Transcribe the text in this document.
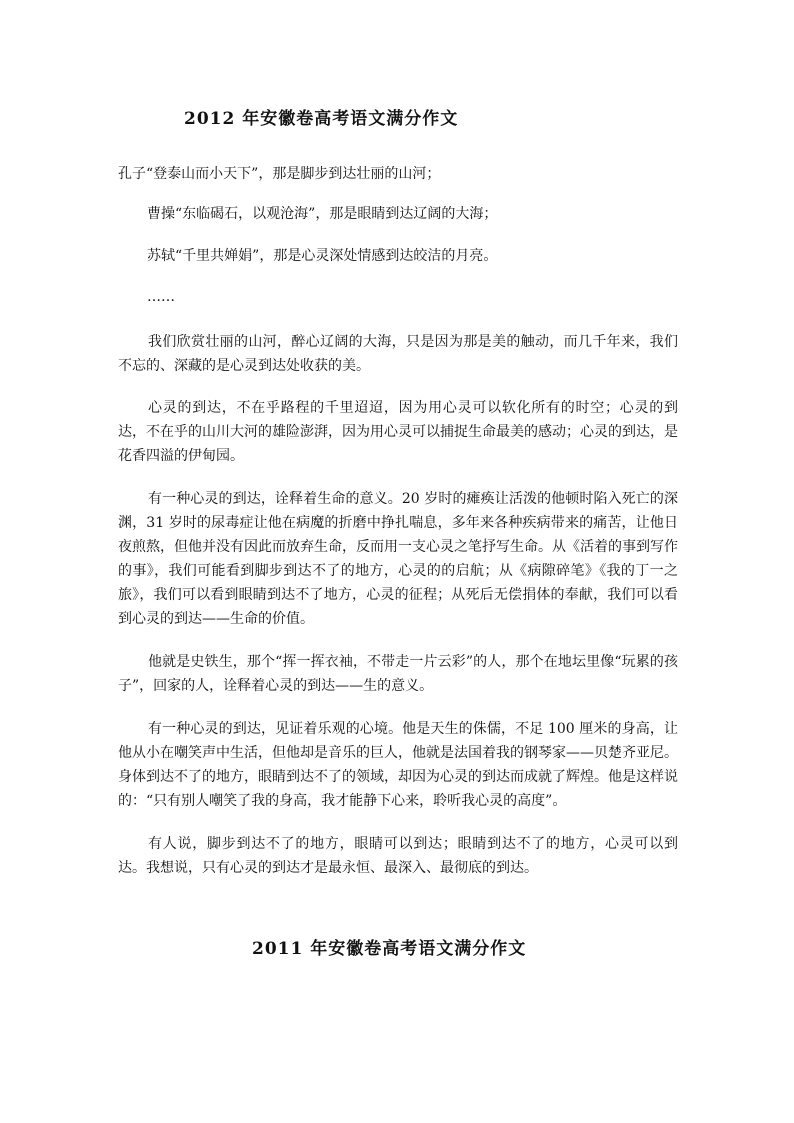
2012 年安徽卷高考语文满分作文
孔子“登泰山而小天下”，那是脚步到达壮丽的山河；
曹操“东临碣石，以观沧海”，那是眼睛到达辽阔的大海；
苏轼“千里共婵娟”，那是心灵深处情感到达皎洁的月亮。
……

我们欣赏壮丽的山河，醉心辽阔的大海，只是因为那是美的触动，而几千年来，我们不忘的、深藏的是心灵到达处收获的美。

心灵的到达，不在乎路程的千里迢迢，因为用心灵可以软化所有的时空；心灵的到达，不在乎的山川大河的雄险澎湃，因为用心灵可以捕捉生命最美的感动；心灵的到达，是花香四溢的伊甸园。

有一种心灵的到达，诠释着生命的意义。20 岁时的瘫痪让活泼的他顿时陷入死亡的深渊，31 岁时的尿毒症让他在病魔的折磨中挣扎喘息，多年来各种疾病带来的痛苦，让他日夜煎熬，但他并没有因此而放弃生命，反而用一支心灵之笔抒写生命。从《活着的事到写作的事》，我们可能看到脚步到达不了的地方，心灵的的启航；从《病隙碎笔》《我的丁一之旅》，我们可以看到眼睛到达不了地方，心灵的征程；从死后无偿捐体的奉献，我们可以看到心灵的到达——生命的价值。

他就是史铁生，那个“挥一挥衣袖，不带走一片云彩”的人，那个在地坛里像“玩累的孩子”，回家的人，诠释着心灵的到达——生的意义。

有一种心灵的到达，见证着乐观的心境。他是天生的侏儒，不足 100 厘米的身高，让他从小在嘲笑声中生活，但他却是音乐的巨人，他就是法国着我的钢琴家——贝楚齐亚尼。身体到达不了的地方，眼睛到达不了的领域，却因为心灵的到达而成就了辉煌。他是这样说的：“只有别人嘲笑了我的身高，我才能静下心来，聆听我心灵的高度”。

有人说，脚步到达不了的地方，眼睛可以到达；眼睛到达不了的地方，心灵可以到达。我想说，只有心灵的到达才是最永恒、最深入、最彻底的到达。

2011 年安徽卷高考语文满分作文
